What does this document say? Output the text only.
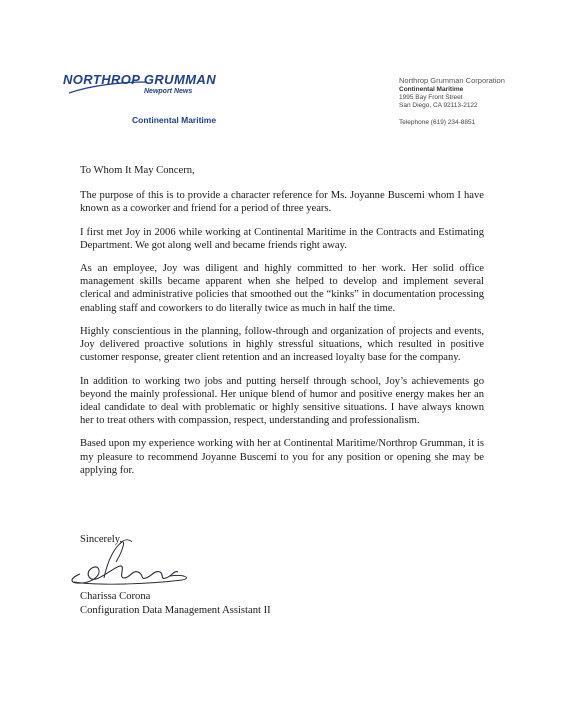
NORTHROP GRUMMAN
Newport News
Continental Maritime
Northrop Grumman Corporation
Continental Maritime
1995 Bay Front Street
San Diego, CA 92113-2122
Telephone (619) 234-8851

To Whom It May Concern,

The purpose of this is to provide a character reference for Ms. Joyanne Buscemi whom I have known as a coworker and friend for a period of three years.

I first met Joy in 2006 while working at Continental Maritime in the Contracts and Estimating Department. We got along well and became friends right away.

As an employee, Joy was diligent and highly committed to her work. Her solid office management skills became apparent when she helped to develop and implement several clerical and administrative policies that smoothed out the “kinks” in documentation processing enabling staff and coworkers to do literally twice as much in half the time.

Highly conscientious in the planning, follow-through and organization of projects and events, Joy delivered proactive solutions in highly stressful situations, which resulted in positive customer response, greater client retention and an increased loyalty base for the company.

In addition to working two jobs and putting herself through school, Joy’s achievements go beyond the mainly professional. Her unique blend of humor and positive energy makes her an ideal candidate to deal with problematic or highly sensitive situations. I have always known her to treat others with compassion, respect, understanding and professionalism.

Based upon my experience working with her at Continental Maritime/Northrop Grumman, it is my pleasure to recommend Joyanne Buscemi to you for any position or opening she may be applying for.

Sincerely,
Charissa Corona
Configuration Data Management Assistant II
